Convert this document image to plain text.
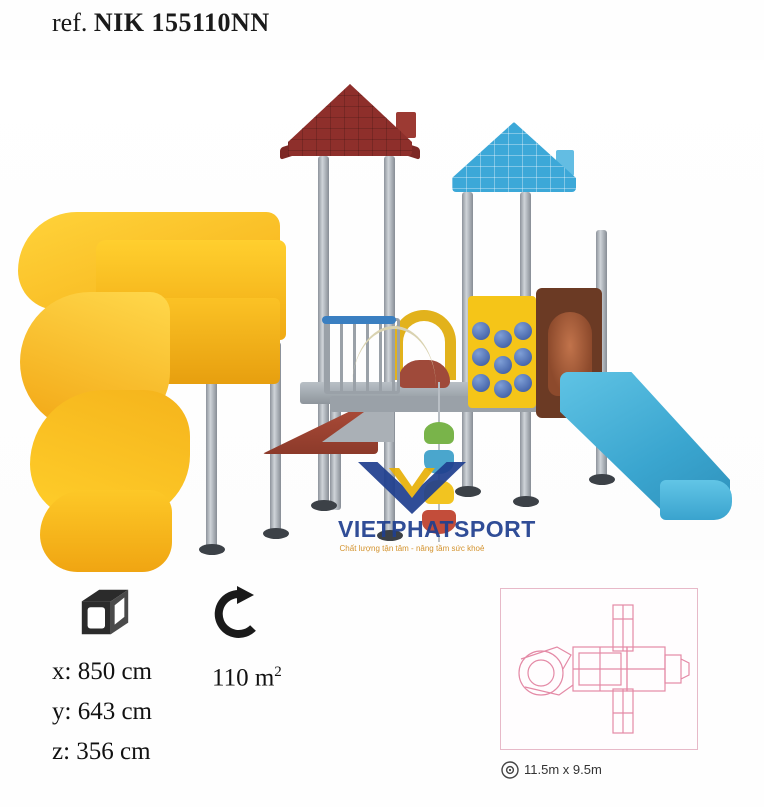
ref. NIK 155110NN
VIETPHATSPORT
Chất lượng tận tâm - nâng tầm sức khoẻ
x: 850 cm 110 $m^2$
y: 643 cm
z: 356 cm
11.5m x 9.5m
